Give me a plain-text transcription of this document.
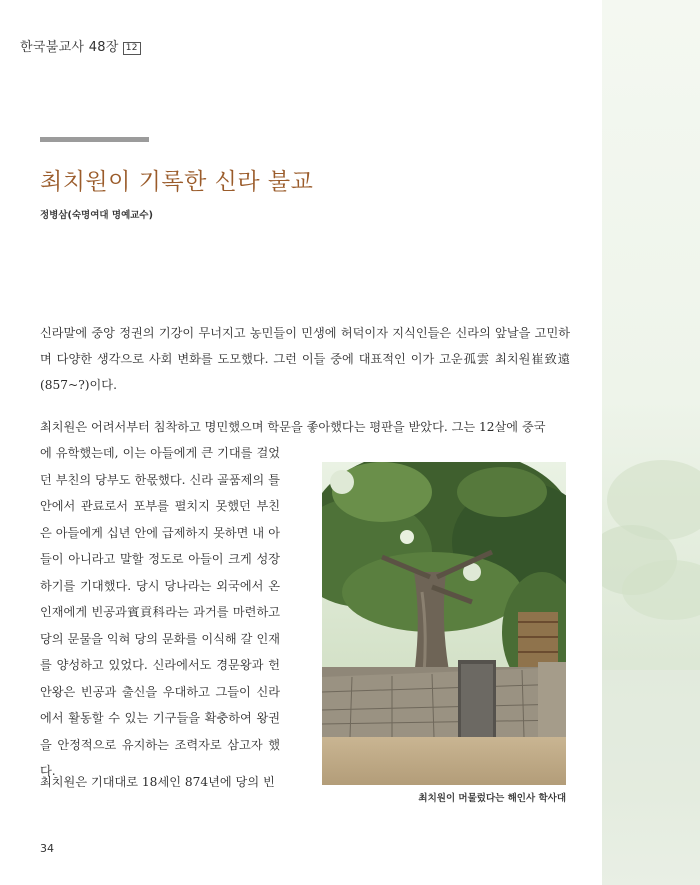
한국불교사 48장 12
최치원이 기록한 신라 불교
정병삼(숙명여대 명예교수)

신라말에 중앙 정권의 기강이 무너지고 농민들이 민생에 허덕이자 지식인들은 신라의 앞날을 고민하며 다양한 생각으로 사회 변화를 도모했다. 그런 이들 중에 대표적인 이가 고운孤雲 최치원崔致遠(857~?)이다.

최치원은 어려서부터 침착하고 명민했으며 학문을 좋아했다는 평판을 받았다. 그는 12살에 중국

에 유학했는데, 이는 아들에게 큰 기대를 걸었던 부친의 당부도 한몫했다. 신라 골품제의 틀 안에서 관료로서 포부를 펼치지 못했던 부친은 아들에게 십년 안에 급제하지 못하면 내 아들이 아니라고 말할 정도로 아들이 크게 성장하기를 기대했다. 당시 당나라는 외국에서 온 인재에게 빈공과賓貢科라는 과거를 마련하고 당의 문물을 익혀 당의 문화를 이식해 갈 인재를 양성하고 있었다. 신라에서도 경문왕과 헌안왕은 빈공과 출신을 우대하고 그들이 신라에서 활동할 수 있는 기구들을 확충하여 왕권을 안정적으로 유지하는 조력자로 삼고자 했다.

최치원은 기대대로 18세인 874년에 당의 빈

최치원이 머물렀다는 해인사 학사대
34
